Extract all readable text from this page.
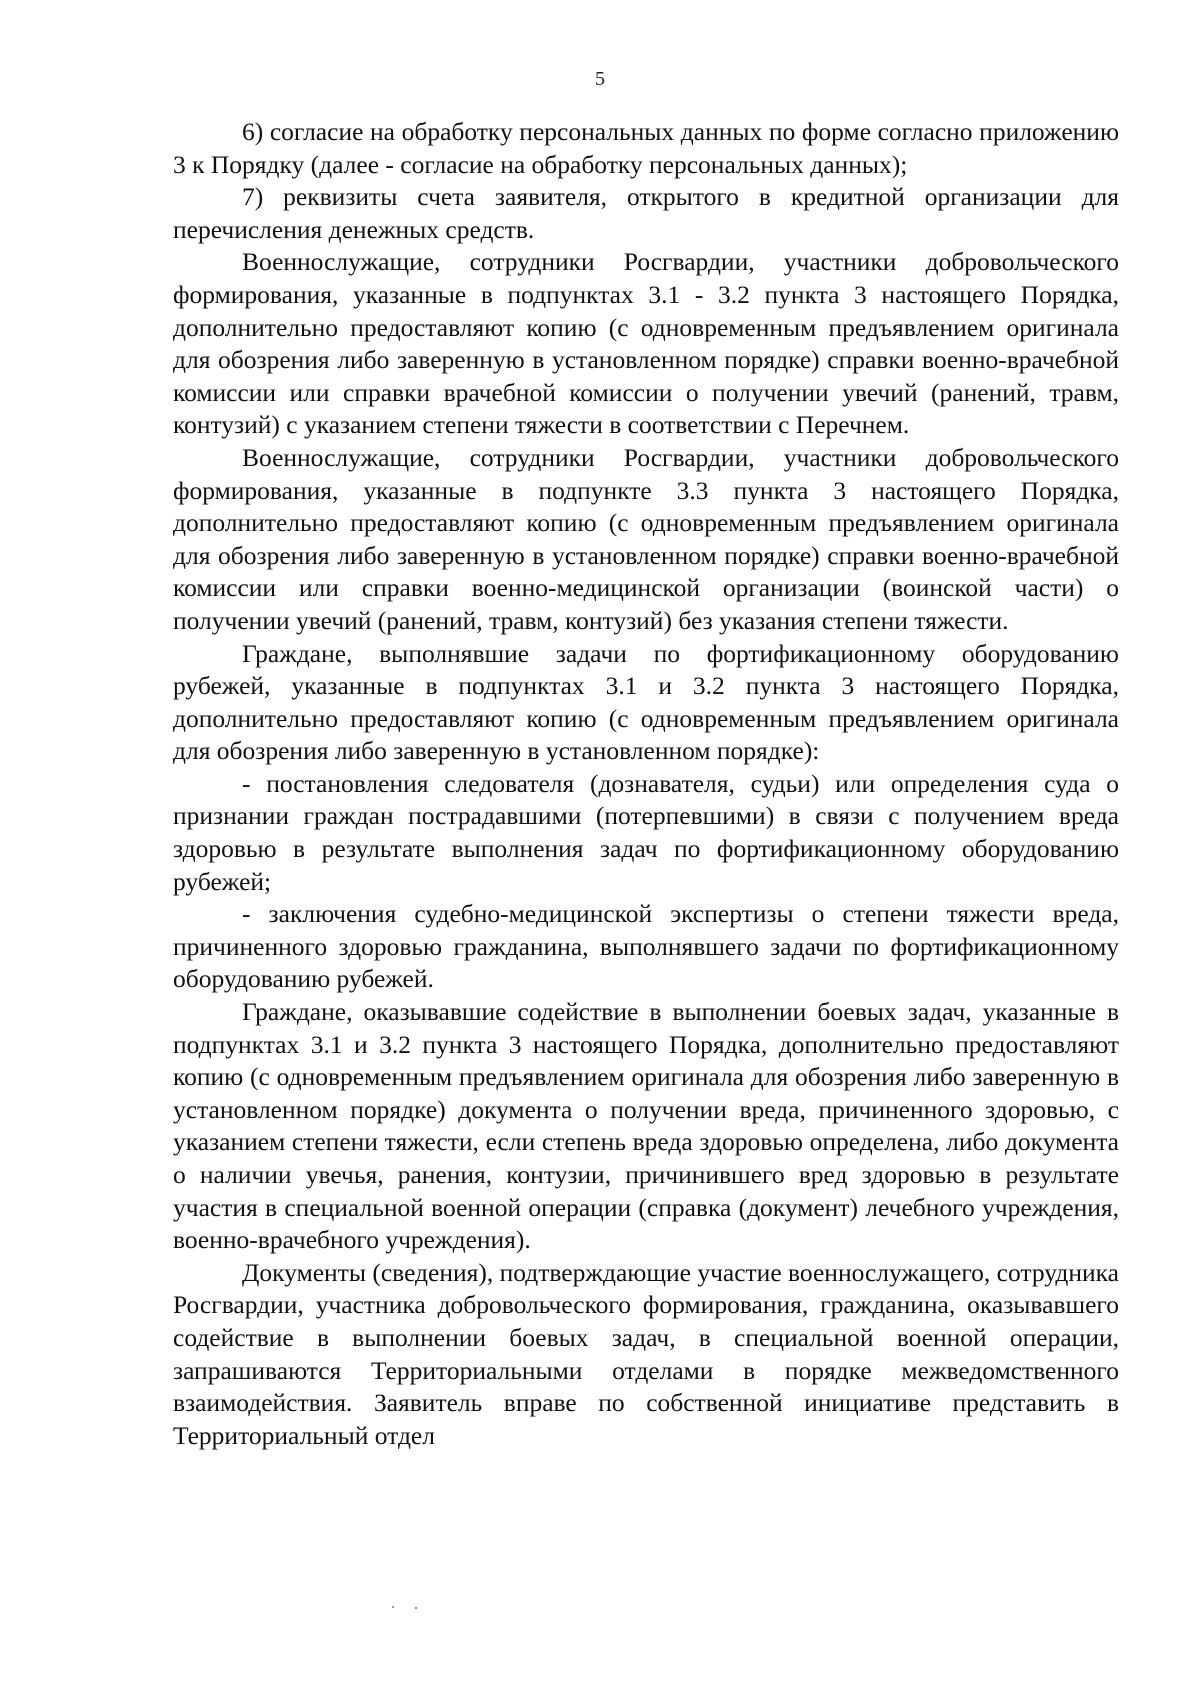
5

6) согласие на обработку персональных данных по форме согласно приложению 3 к Порядку (далее - согласие на обработку персональных данных);

7) реквизиты счета заявителя, открытого в кредитной организации для перечисления денежных средств.

Военнослужащие, сотрудники Росгвардии, участники добровольческого формирования, указанные в подпунктах 3.1 - 3.2 пункта 3 настоящего Порядка, дополнительно предоставляют копию (с одновременным предъявлением оригинала для обозрения либо заверенную в установленном порядке) справки военно-врачебной комиссии или справки врачебной комиссии о получении увечий (ранений, травм, контузий) с указанием степени тяжести в соответствии с Перечнем.

Военнослужащие, сотрудники Росгвардии, участники добровольческого формирования, указанные в подпункте 3.3 пункта 3 настоящего Порядка, дополнительно предоставляют копию (с одновременным предъявлением оригинала для обозрения либо заверенную в установленном порядке) справки военно-врачебной комиссии или справки военно-медицинской организации (воинской части) о получении увечий (ранений, травм, контузий) без указания степени тяжести.

Граждане, выполнявшие задачи по фортификационному оборудованию рубежей, указанные в подпунктах 3.1 и 3.2 пункта 3 настоящего Порядка, дополнительно предоставляют копию (с одновременным предъявлением оригинала для обозрения либо заверенную в установленном порядке):

- постановления следователя (дознавателя, судьи) или определения суда о признании граждан пострадавшими (потерпевшими) в связи с получением вреда здоровью в результате выполнения задач по фортификационному оборудованию рубежей;

- заключения судебно-медицинской экспертизы о степени тяжести вреда, причиненного здоровью гражданина, выполнявшего задачи по фортификационному оборудованию рубежей.

Граждане, оказывавшие содействие в выполнении боевых задач, указанные в подпунктах 3.1 и 3.2 пункта 3 настоящего Порядка, дополнительно предоставляют копию (с одновременным предъявлением оригинала для обозрения либо заверенную в установленном порядке) документа о получении вреда, причиненного здоровью, с указанием степени тяжести, если степень вреда здоровью определена, либо документа о наличии увечья, ранения, контузии, причинившего вред здоровью в результате участия в специальной военной операции (справка (документ) лечебного учреждения, военно-врачебного учреждения).

Документы (сведения), подтверждающие участие военнослужащего, сотрудника Росгвардии, участника добровольческого формирования, гражданина, оказывавшего содействие в выполнении боевых задач, в специальной военной операции, запрашиваются Территориальными отделами в порядке межведомственного взаимодействия. Заявитель вправе по собственной инициативе представить в Территориальный отдел
